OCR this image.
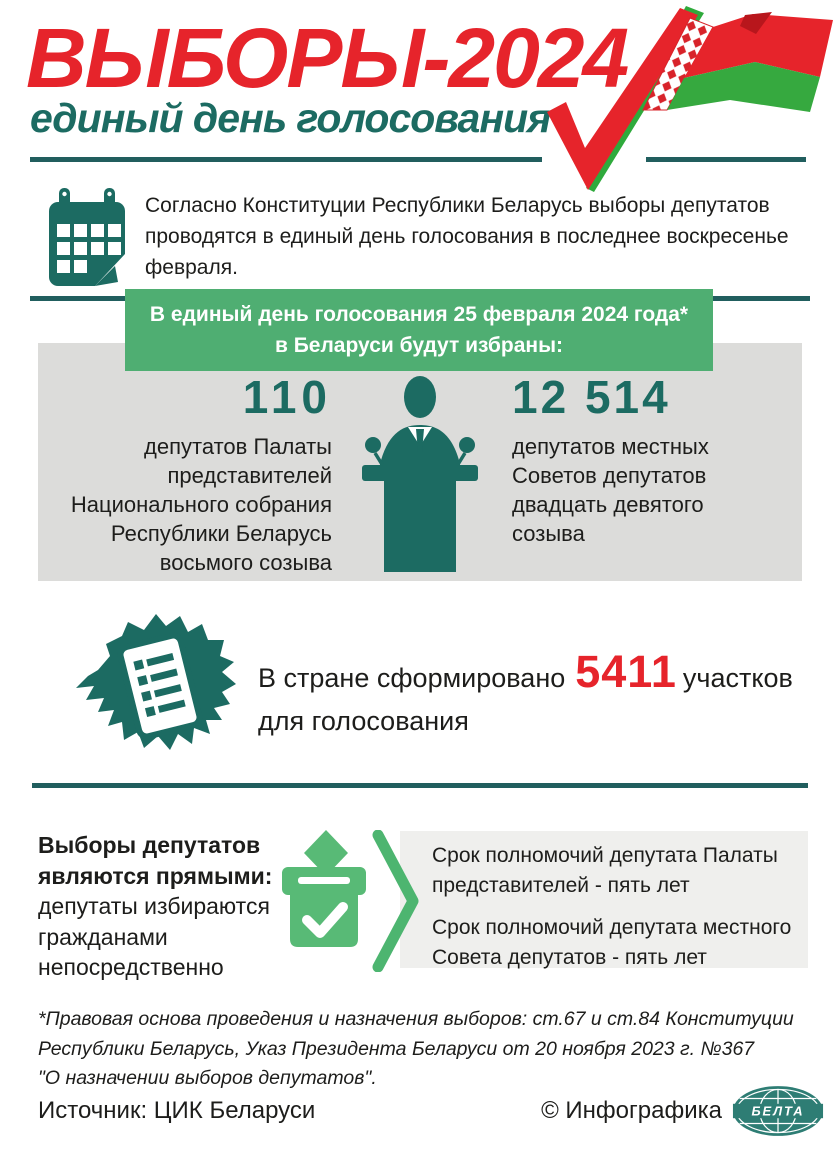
ВЫБОРЫ-2024
единый день голосования
Согласно Конституции Республики Беларусь выборы депутатов
проводятся в единый день голосования в последнее воскресенье
февраля.
В единый день голосования 25 февраля 2024 года*
в Беларуси будут избраны:
110
депутатов Палаты
представителей
Национального собрания
Республики Беларусь
восьмого созыва
12 514
депутатов местных
Советов депутатов
двадцать девятого
созыва
В стране сформировано 5411 участков
для голосования
Выборы депутатов
являются прямыми:
депутаты избираются
гражданами
непосредственно
Срок полномочий депутата Палаты
представителей - пять лет
Срок полномочий депутата местного
Совета депутатов - пять лет
*Правовая основа проведения и назначения выборов: ст.67 и ст.84 Конституции
Республики Беларусь, Указ Президента Беларуси от 20 ноября 2023 г. №367
"О назначении выборов депутатов".
Источник: ЦИК Беларуси	© Инфографика БЕЛТА
